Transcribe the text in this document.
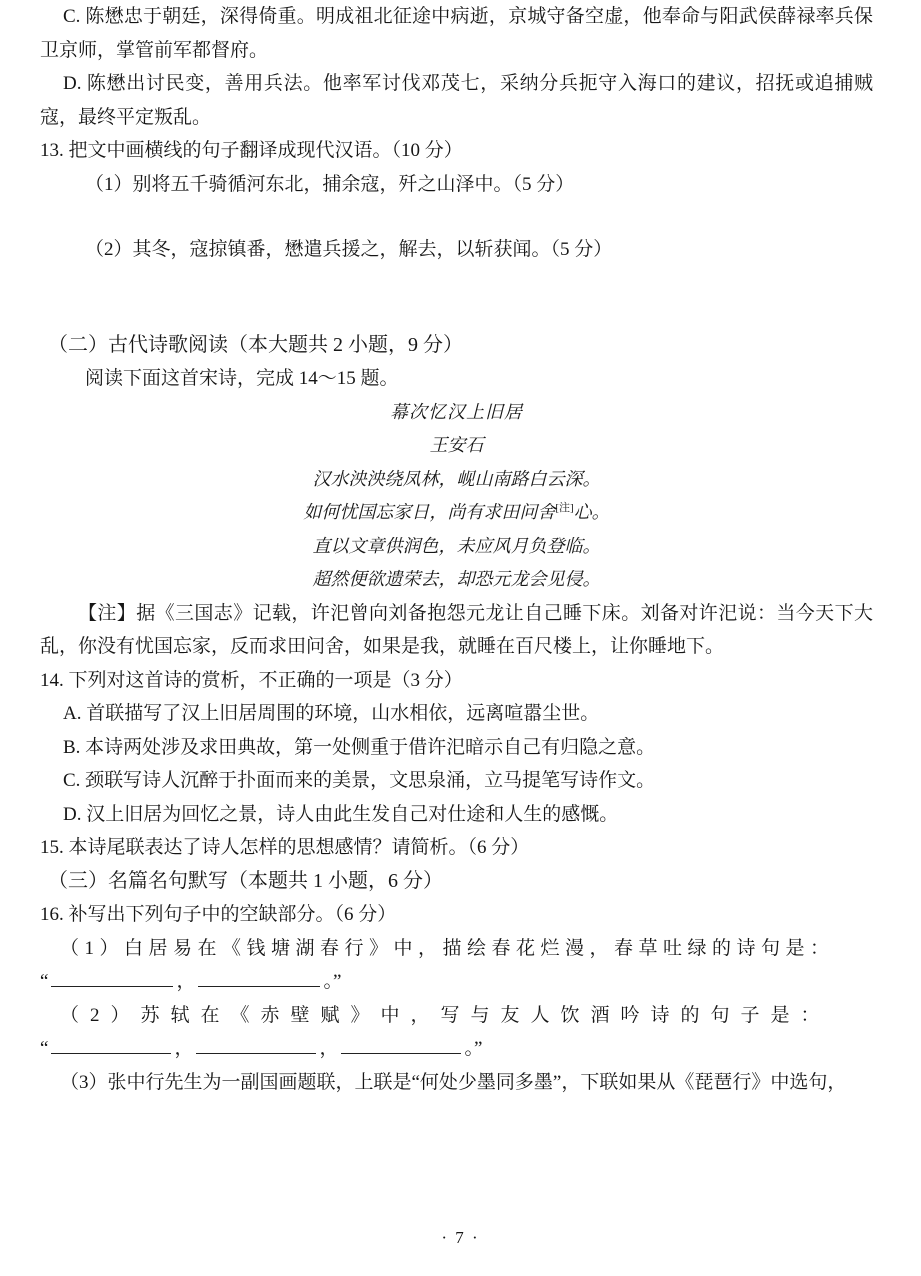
C. 陈懋忠于朝廷，深得倚重。明成祖北征途中病逝，京城守备空虚，他奉命与阳武侯薛禄率兵保卫京师，掌管前军都督府。

D. 陈懋出讨民变，善用兵法。他率军讨伐邓茂七，采纳分兵扼守入海口的建议，招抚或追捕贼寇，最终平定叛乱。

13. 把文中画横线的句子翻译成现代汉语。（10 分）

（1）别将五千骑循河东北，捕余寇，歼之山泽中。（5 分）

（2）其冬，寇掠镇番，懋遣兵援之，解去，以斩获闻。（5 分）

（二）古代诗歌阅读（本大题共 2 小题，9 分）

阅读下面这首宋诗，完成 14～15 题。

幕次忆汉上旧居

王安石

汉水泱泱绕凤林，岘山南路白云深。

如何忧国忘家日，尚有求田问舍[注]心。

直以文章供润色，未应风月负登临。

超然便欲遗荣去，却恐元龙会见侵。

【注】据《三国志》记载，许汜曾向刘备抱怨元龙让自己睡下床。刘备对许汜说：当今天下大乱，你没有忧国忘家，反而求田问舍，如果是我，就睡在百尺楼上，让你睡地下。

14. 下列对这首诗的赏析，不正确的一项是（3 分）

A. 首联描写了汉上旧居周围的环境，山水相依，远离喧嚣尘世。

B. 本诗两处涉及求田典故，第一处侧重于借许汜暗示自己有归隐之意。

C. 颈联写诗人沉醉于扑面而来的美景，文思泉涌，立马提笔写诗作文。

D. 汉上旧居为回忆之景，诗人由此生发自己对仕途和人生的感慨。

15. 本诗尾联表达了诗人怎样的思想感情？请简析。（6 分）

（三）名篇名句默写（本题共 1 小题，6 分）

16. 补写出下列句子中的空缺部分。（6 分）

（1）白居易在《钱塘湖春行》中，描绘春花烂漫，春草吐绿的诗句是：

“	，	。”

（2）苏轼在《赤壁赋》中，写与友人饮酒吟诗的句子是：

“	，	，	。”

（3）张中行先生为一副国画题联，上联是“何处少墨同多墨”，下联如果从《琵琶行》中选句，

· 7 ·
